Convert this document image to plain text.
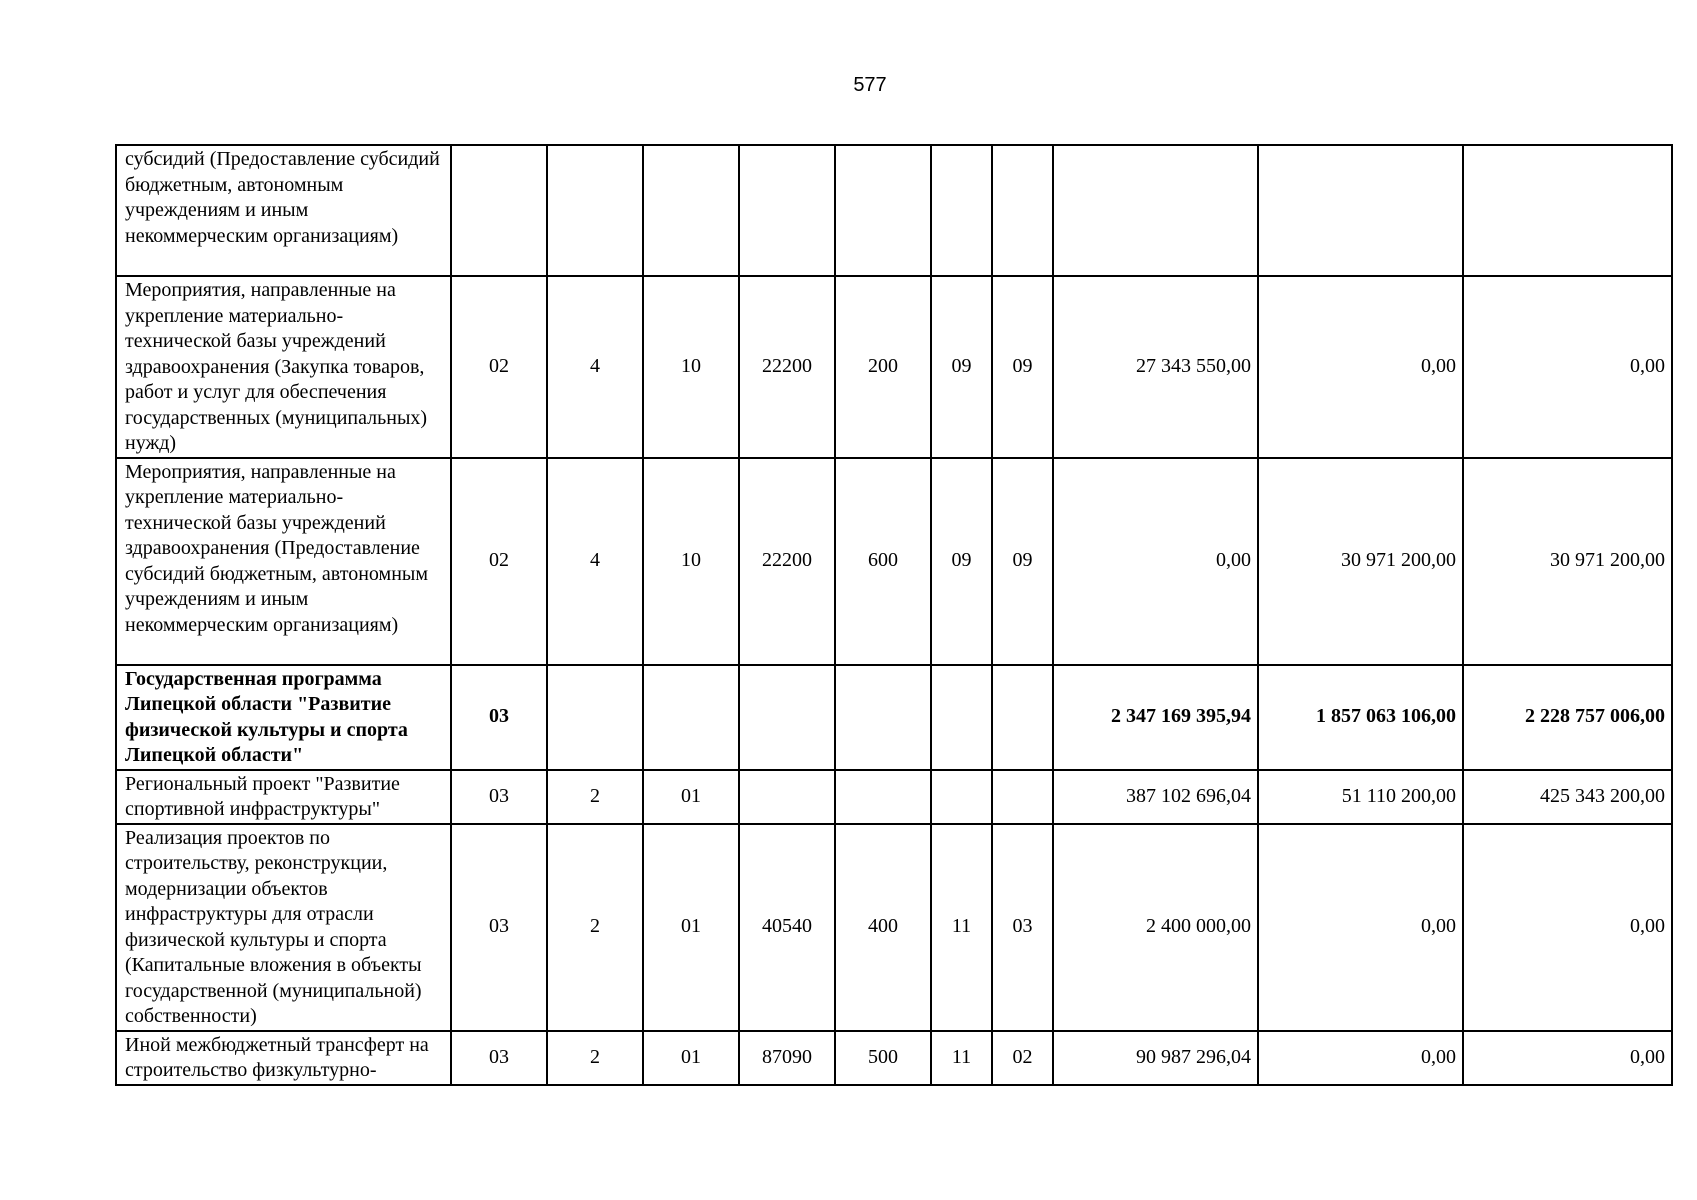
577
субсидий (Предоставление субсидий бюджетным, автономным учреждениям и иным некоммерческим организациям)										
Мероприятия, направленные на укрепление материально-технической базы учреждений здравоохранения (Закупка товаров, работ и услуг для обеспечения государственных (муниципальных) нужд)	02	4	10	22200	200	09	09	27 343 550,00	0,00	0,00
Мероприятия, направленные на укрепление материально-технической базы учреждений здравоохранения (Предоставление субсидий бюджетным, автономным учреждениям и иным некоммерческим организациям)	02	4	10	22200	600	09	09	0,00	30 971 200,00	30 971 200,00
Государственная программа Липецкой области "Развитие физической культуры и спорта Липецкой области"	03							2 347 169 395,94	1 857 063 106,00	2 228 757 006,00
Региональный проект "Развитие спортивной инфраструктуры"	03	2	01					387 102 696,04	51 110 200,00	425 343 200,00
Реализация проектов по строительству, реконструкции, модернизации объектов инфраструктуры для отрасли физической культуры и спорта (Капитальные вложения в объекты государственной (муниципальной) собственности)	03	2	01	40540	400	11	03	2 400 000,00	0,00	0,00
Иной межбюджетный трансферт на строительство физкультурно-	03	2	01	87090	500	11	02	90 987 296,04	0,00	0,00
